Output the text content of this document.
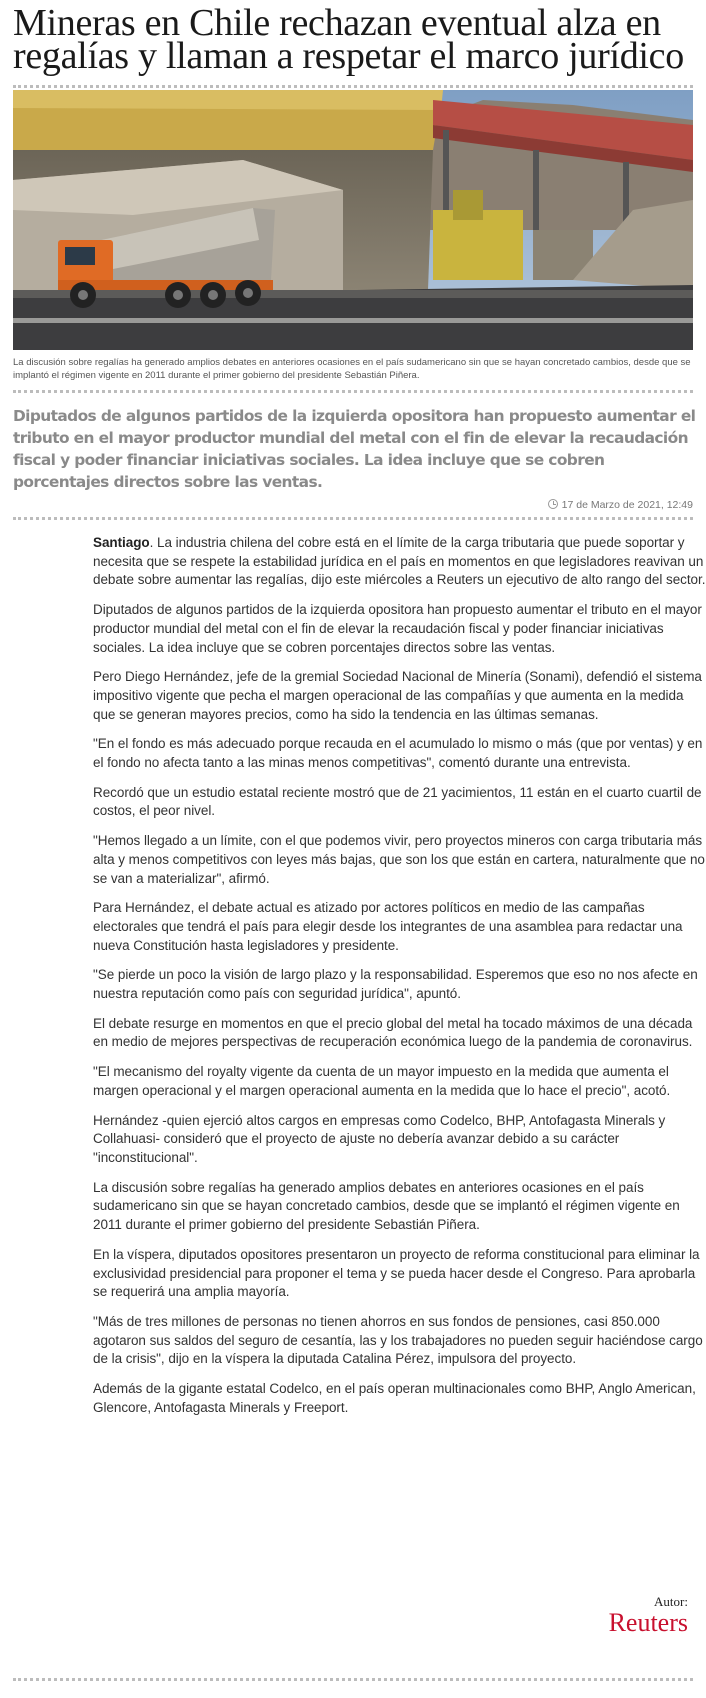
Mineras en Chile rechazan eventual alza en regalías y llaman a respetar el marco jurídico

La discusión sobre regalías ha generado amplios debates en anteriores ocasiones en el país sudamericano sin que se hayan concretado cambios, desde que se implantó el régimen vigente en 2011 durante el primer gobierno del presidente Sebastián Piñera.

Diputados de algunos partidos de la izquierda opositora han propuesto aumentar el tributo en el mayor productor mundial del metal con el fin de elevar la recaudación fiscal y poder financiar iniciativas sociales. La idea incluye que se cobren porcentajes directos sobre las ventas.

17 de Marzo de 2021, 12:49

Santiago. La industria chilena del cobre está en el límite de la carga tributaria que puede soportar y necesita que se respete la estabilidad jurídica en el país en momentos en que legisladores reavivan un debate sobre aumentar las regalías, dijo este miércoles a Reuters un ejecutivo de alto rango del sector.

Diputados de algunos partidos de la izquierda opositora han propuesto aumentar el tributo en el mayor productor mundial del metal con el fin de elevar la recaudación fiscal y poder financiar iniciativas sociales. La idea incluye que se cobren porcentajes directos sobre las ventas.

Pero Diego Hernández, jefe de la gremial Sociedad Nacional de Minería (Sonami), defendió el sistema impositivo vigente que pecha el margen operacional de las compañías y que aumenta en la medida que se generan mayores precios, como ha sido la tendencia en las últimas semanas.

"En el fondo es más adecuado porque recauda en el acumulado lo mismo o más (que por ventas) y en el fondo no afecta tanto a las minas menos competitivas", comentó durante una entrevista.

Recordó que un estudio estatal reciente mostró que de 21 yacimientos, 11 están en el cuarto cuartil de costos, el peor nivel.

"Hemos llegado a un límite, con el que podemos vivir, pero proyectos mineros con carga tributaria más alta y menos competitivos con leyes más bajas, que son los que están en cartera, naturalmente que no se van a materializar", afirmó.

Para Hernández, el debate actual es atizado por actores políticos en medio de las campañas electorales que tendrá el país para elegir desde los integrantes de una asamblea para redactar una nueva Constitución hasta legisladores y presidente.

"Se pierde un poco la visión de largo plazo y la responsabilidad. Esperemos que eso no nos afecte en nuestra reputación como país con seguridad jurídica", apuntó.

El debate resurge en momentos en que el precio global del metal ha tocado máximos de una década en medio de mejores perspectivas de recuperación económica luego de la pandemia de coronavirus.

"El mecanismo del royalty vigente da cuenta de un mayor impuesto en la medida que aumenta el margen operacional y el margen operacional aumenta en la medida que lo hace el precio", acotó.

Hernández -quien ejerció altos cargos en empresas como Codelco, BHP, Antofagasta Minerals y Collahuasi- consideró que el proyecto de ajuste no debería avanzar debido a su carácter "inconstitucional".

La discusión sobre regalías ha generado amplios debates en anteriores ocasiones en el país sudamericano sin que se hayan concretado cambios, desde que se implantó el régimen vigente en 2011 durante el primer gobierno del presidente Sebastián Piñera.

En la víspera, diputados opositores presentaron un proyecto de reforma constitucional para eliminar la exclusividad presidencial para proponer el tema y se pueda hacer desde el Congreso. Para aprobarla se requerirá una amplia mayoría.

"Más de tres millones de personas no tienen ahorros en sus fondos de pensiones, casi 850.000 agotaron sus saldos del seguro de cesantía, las y los trabajadores no pueden seguir haciéndose cargo de la crisis", dijo en la víspera la diputada Catalina Pérez, impulsora del proyecto.

Además de la gigante estatal Codelco, en el país operan multinacionales como BHP, Anglo American, Glencore, Antofagasta Minerals y Freeport.

Autor:
Reuters
